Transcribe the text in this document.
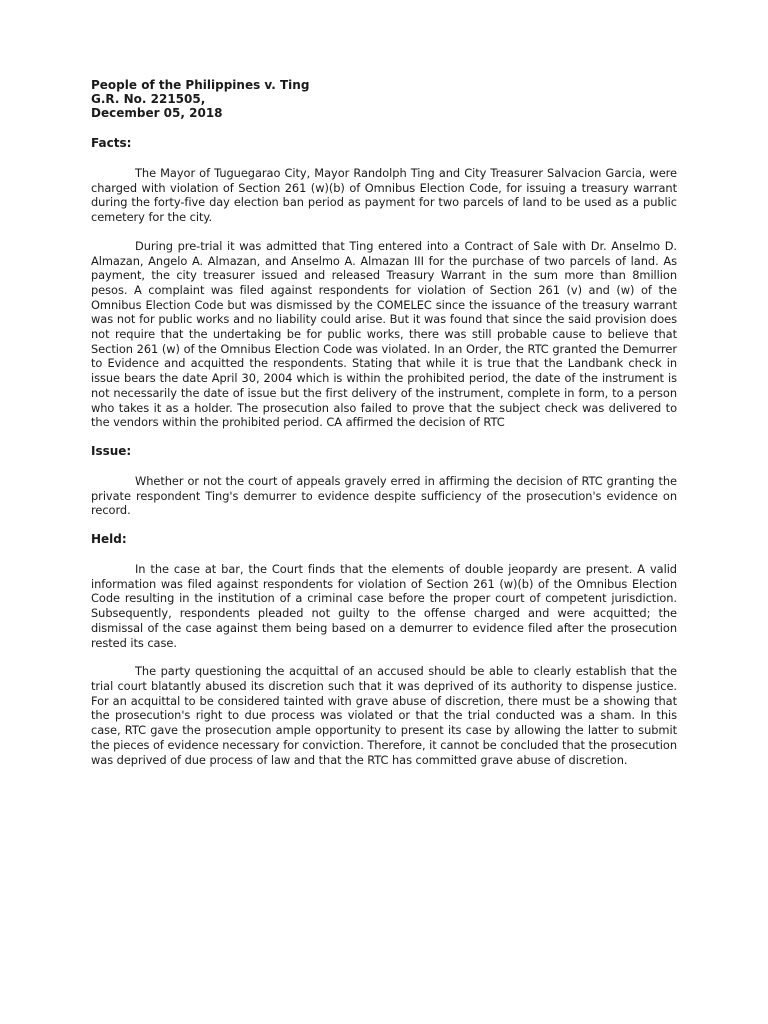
People of the Philippines v. Ting

G.R. No. 221505,

December 05, 2018

Facts:

The Mayor of Tuguegarao City, Mayor Randolph Ting and City Treasurer Salvacion Garcia, were charged with violation of Section 261 (w)(b) of Omnibus Election Code, for issuing a treasury warrant during the forty-five day election ban period as payment for two parcels of land to be used as a public cemetery for the city.

During pre-trial it was admitted that Ting entered into a Contract of Sale with Dr. Anselmo D. Almazan, Angelo A. Almazan, and Anselmo A. Almazan III for the purchase of two parcels of land. As payment, the city treasurer issued and released Treasury Warrant in the sum more than 8million pesos. A complaint was filed against respondents for violation of Section 261 (v) and (w) of the Omnibus Election Code but was dismissed by the COMELEC since the issuance of the treasury warrant was not for public works and no liability could arise. But it was found that since the said provision does not require that the undertaking be for public works, there was still probable cause to believe that Section 261 (w) of the Omnibus Election Code was violated. In an Order, the RTC granted the Demurrer to Evidence and acquitted the respondents. Stating that while it is true that the Landbank check in issue bears the date April 30, 2004 which is within the prohibited period, the date of the instrument is not necessarily the date of issue but the first delivery of the instrument, complete in form, to a person who takes it as a holder. The prosecution also failed to prove that the subject check was delivered to the vendors within the prohibited period. CA affirmed the decision of RTC

Issue:

Whether or not the court of appeals gravely erred in affirming the decision of RTC granting the private respondent Ting's demurrer to evidence despite sufficiency of the prosecution's evidence on record.

Held:

In the case at bar, the Court finds that the elements of double jeopardy are present. A valid information was filed against respondents for violation of Section 261 (w)(b) of the Omnibus Election Code resulting in the institution of a criminal case before the proper court of competent jurisdiction. Subsequently, respondents pleaded not guilty to the offense charged and were acquitted; the dismissal of the case against them being based on a demurrer to evidence filed after the prosecution rested its case.

The party questioning the acquittal of an accused should be able to clearly establish that the trial court blatantly abused its discretion such that it was deprived of its authority to dispense justice. For an acquittal to be considered tainted with grave abuse of discretion, there must be a showing that the prosecution's right to due process was violated or that the trial conducted was a sham. In this case, RTC gave the prosecution ample opportunity to present its case by allowing the latter to submit the pieces of evidence necessary for conviction. Therefore, it cannot be concluded that the prosecution was deprived of due process of law and that the RTC has committed grave abuse of discretion.
